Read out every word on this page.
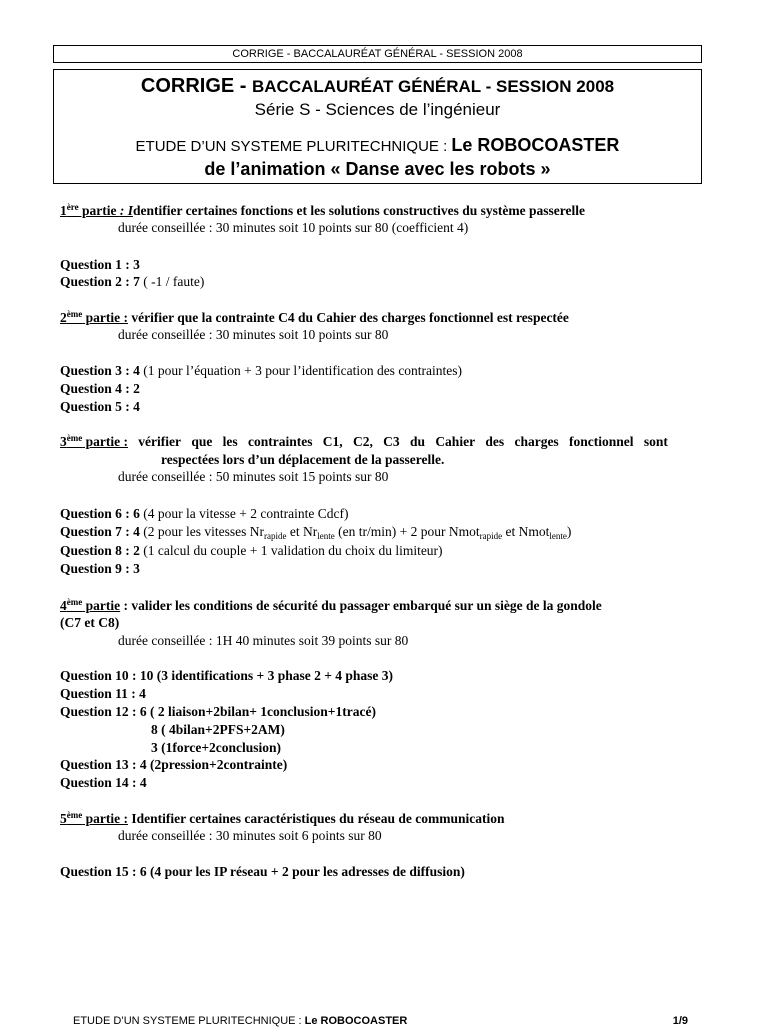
CORRIGE - BACCALAURÉAT GÉNÉRAL - SESSION 2008
CORRIGE - BACCALAURÉAT GÉNÉRAL - SESSION 2008
Série S - Sciences de l’ingénieur
ETUDE D’UN SYSTEME PLURITECHNIQUE : Le ROBOCOASTER
de l’animation « Danse avec les robots »
1ère partie : Identifier certaines fonctions et les solutions constructives du système passerelle
durée conseillée : 30 minutes soit 10 points sur 80 (coefficient 4)
Question 1 : 3
Question 2 : 7 ( -1 / faute)
2ème partie : vérifier que la contrainte C4 du Cahier des charges fonctionnel est respectée
durée conseillée : 30 minutes soit 10 points sur 80
Question 3 : 4 (1 pour l’équation + 3 pour l’identification des contraintes)
Question 4 : 2
Question 5 : 4
3ème partie : vérifier que les contraintes C1, C2, C3 du Cahier des charges fonctionnel sont
respectées lors d’un déplacement de la passerelle.
durée conseillée : 50 minutes soit 15 points sur 80
Question 6 : 6 (4 pour la vitesse + 2 contrainte Cdcf)
Question 7 : 4 (2 pour les vitesses $Nr_{rapide}$ et $Nr_{lente}$ (en tr/min) + 2 pour Nmot$_{rapide}$ et Nmot$_{lente}$)
Question 8 : 2 (1 calcul du couple + 1 validation du choix du limiteur)
Question 9 : 3
4ème partie : valider les conditions de sécurité du passager embarqué sur un siège de la gondole
(C7 et C8)
durée conseillée : 1H 40 minutes soit 39 points sur 80
Question 10 : 10 (3 identifications + 3 phase 2 + 4 phase 3)
Question 11 : 4
Question 12 : 6 ( 2 liaison+2bilan+ 1conclusion+1tracé)
8 ( 4bilan+2PFS+2AM)
3 (1force+2conclusion)
Question 13 : 4 (2pression+2contrainte)
Question 14 : 4
5ème partie : Identifier certaines caractéristiques du réseau de communication
durée conseillée : 30 minutes soit 6 points sur 80
Question 15 : 6 (4 pour les IP réseau + 2 pour les adresses de diffusion)
ETUDE D’UN SYSTEME PLURITECHNIQUE : Le ROBOCOASTER	1/9
